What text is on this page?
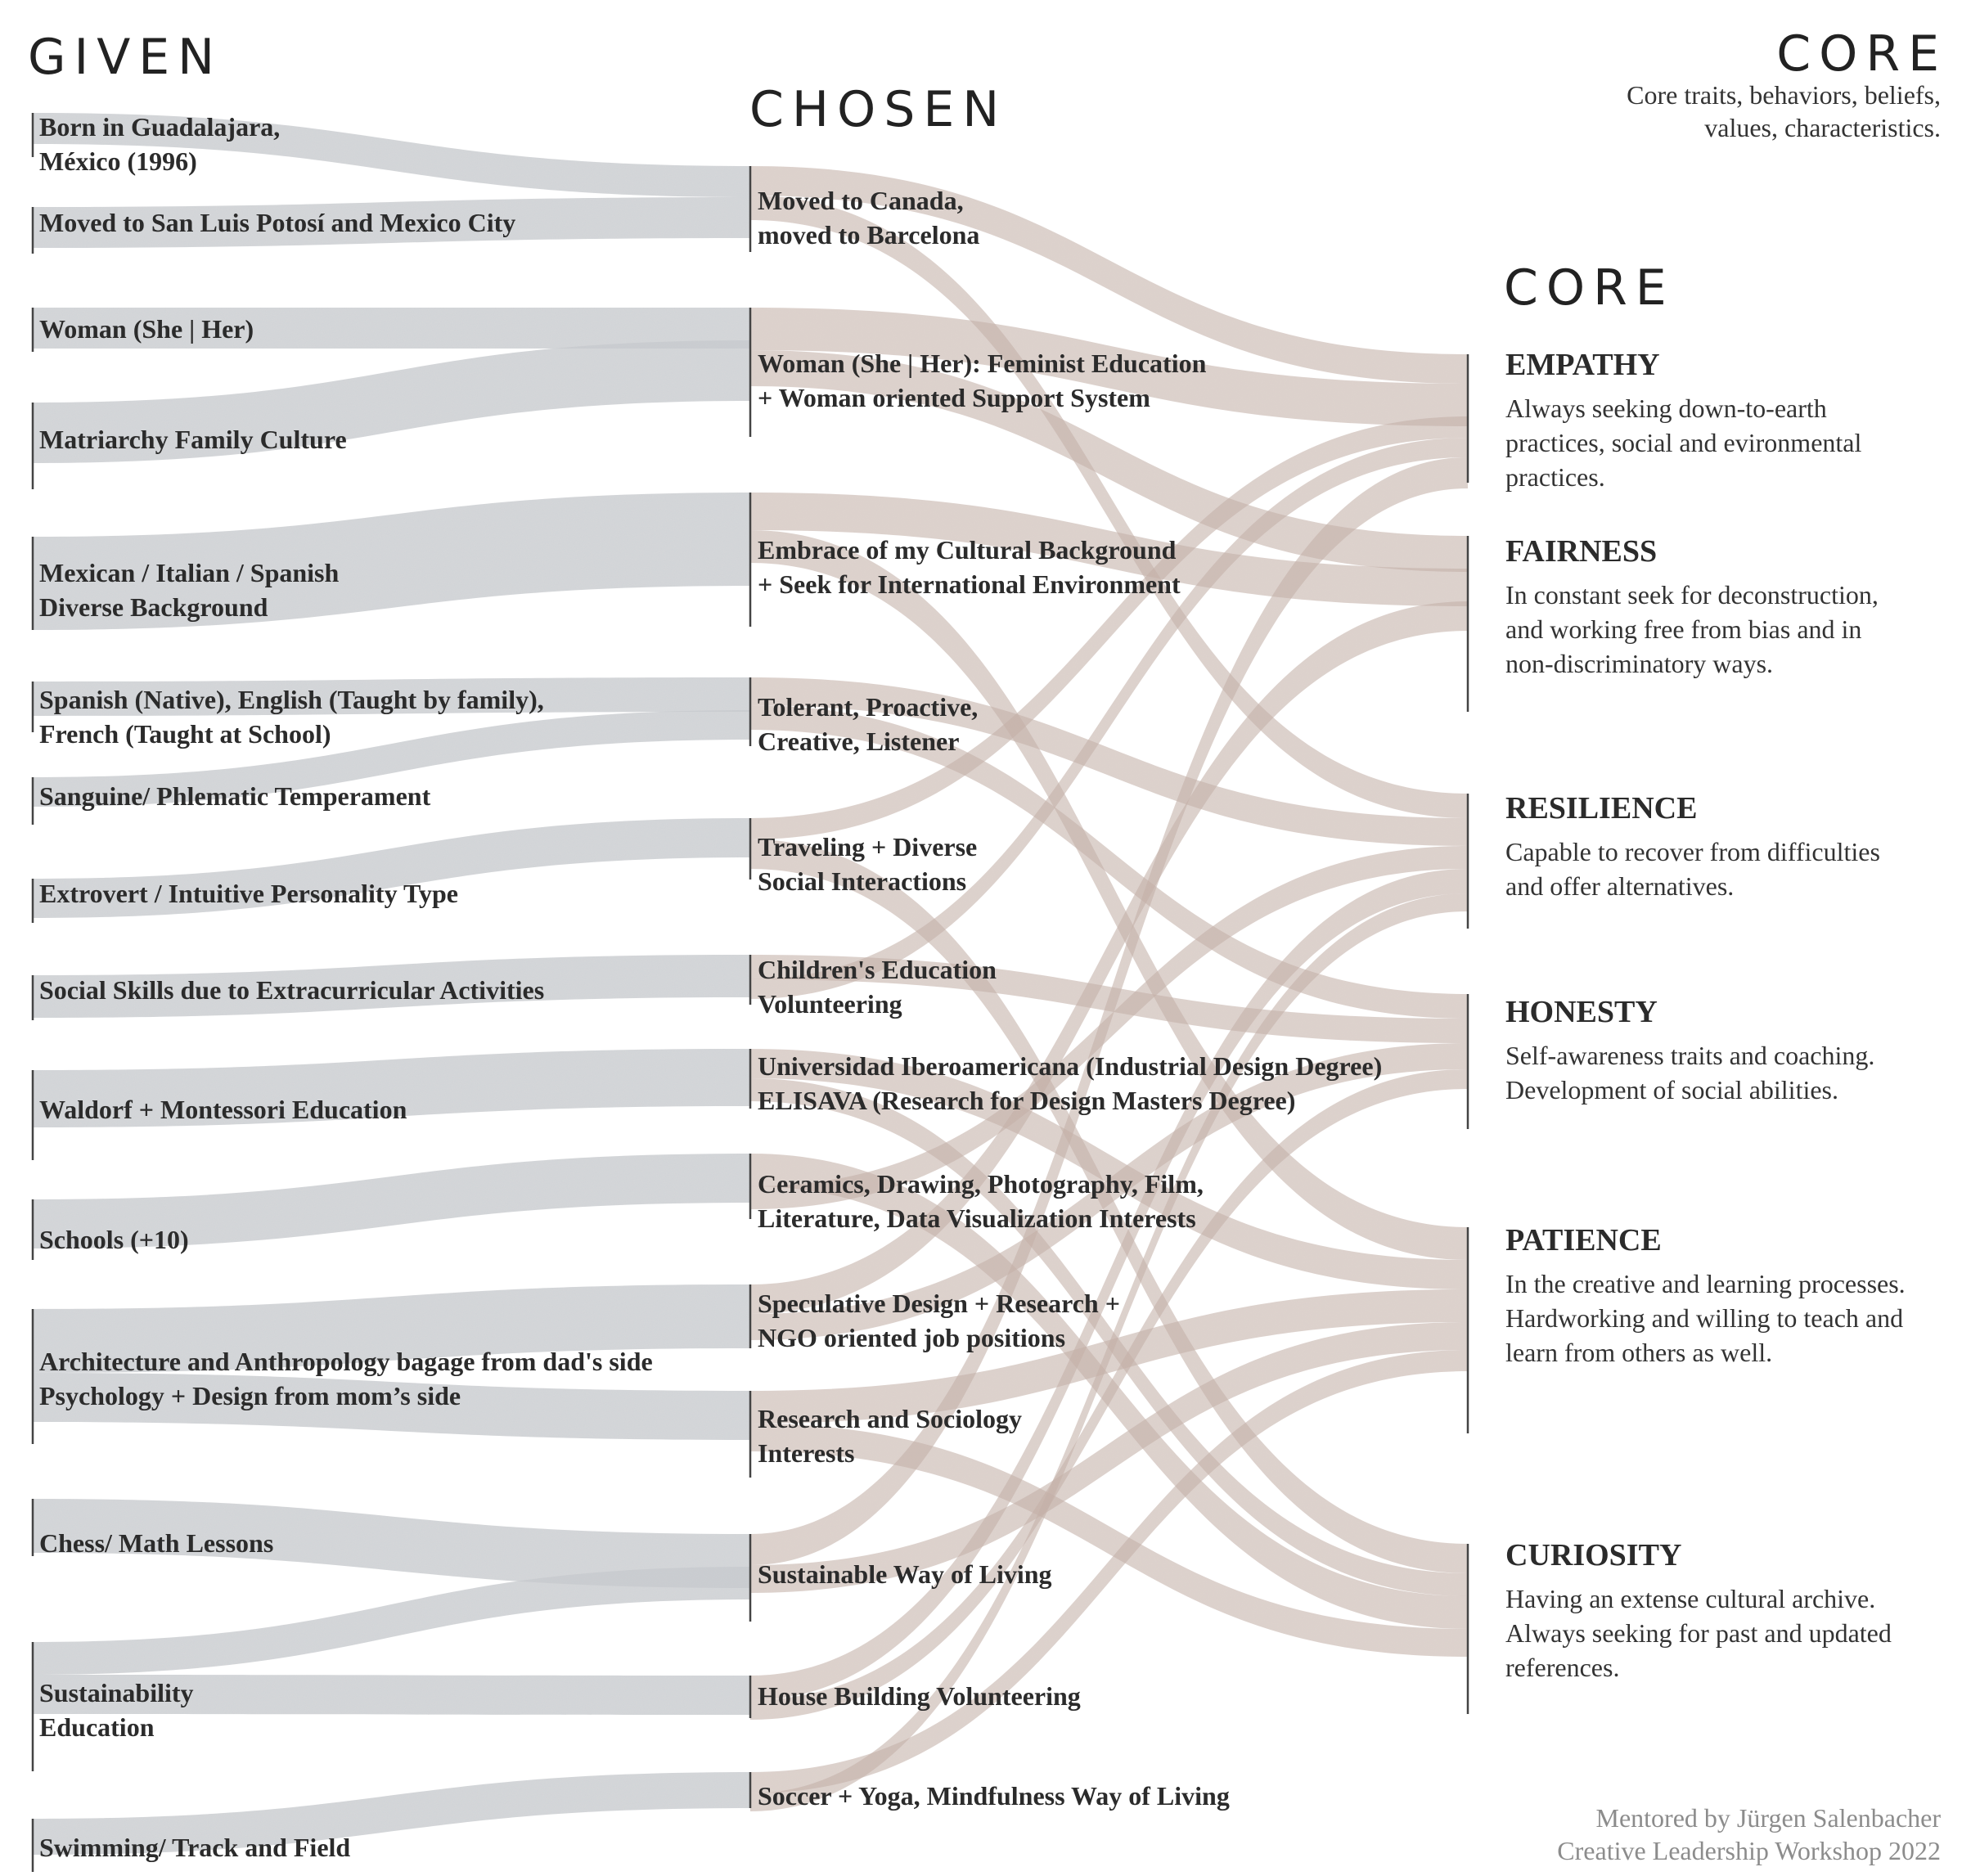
GIVEN
CHOSEN
CORE
CORE
Core traits, behaviors, beliefs,
values, characteristics.
Born in Guadalajara,
México (1996)
Moved to San Luis Potosí and Mexico City
Woman (She | Her)
Matriarchy Family Culture
Mexican / Italian / Spanish
Diverse Background
Spanish (Native), English (Taught by family),
French (Taught at School)
Sanguine/ Phlematic Temperament
Extrovert / Intuitive Personality Type
Social Skills due to Extracurricular Activities
Waldorf + Montessori Education
Schools (+10)
Architecture and Anthropology bagage from dad's side
Psychology + Design from mom’s side
Chess/ Math Lessons
Sustainability
Education
Swimming/ Track and Field
Moved to Canada,
moved to Barcelona
Woman (She | Her): Feminist Education
+ Woman oriented Support System
Embrace of my Cultural Background
+ Seek for International Environment
Tolerant, Proactive,
Creative, Listener
Traveling + Diverse
Social Interactions
Children's Education
Volunteering
Universidad Iberoamericana (Industrial Design Degree)
ELISAVA (Research for Design Masters Degree)
Ceramics, Drawing, Photography, Film,
Literature, Data Visualization Interests
Speculative Design + Research +
NGO oriented job positions
Research and Sociology
Interests
Sustainable Way of Living
House Building Volunteering
Soccer + Yoga, Mindfulness Way of Living

EMPATHY

Always seeking down-to-earth
practices, social and evironmental
practices.

FAIRNESS

In constant seek for deconstruction,
and working free from bias and in
non-discriminatory ways.

RESILIENCE

Capable to recover from difficulties
and offer alternatives.

HONESTY

Self-awareness traits and coaching.
Development of social abilities.

PATIENCE

In the creative and learning processes.
Hardworking and willing to teach and
learn from others as well.

CURIOSITY

Having an extense cultural archive.
Always seeking for past and updated
references.

Mentored by Jürgen Salenbacher
Creative Leadership Workshop 2022
